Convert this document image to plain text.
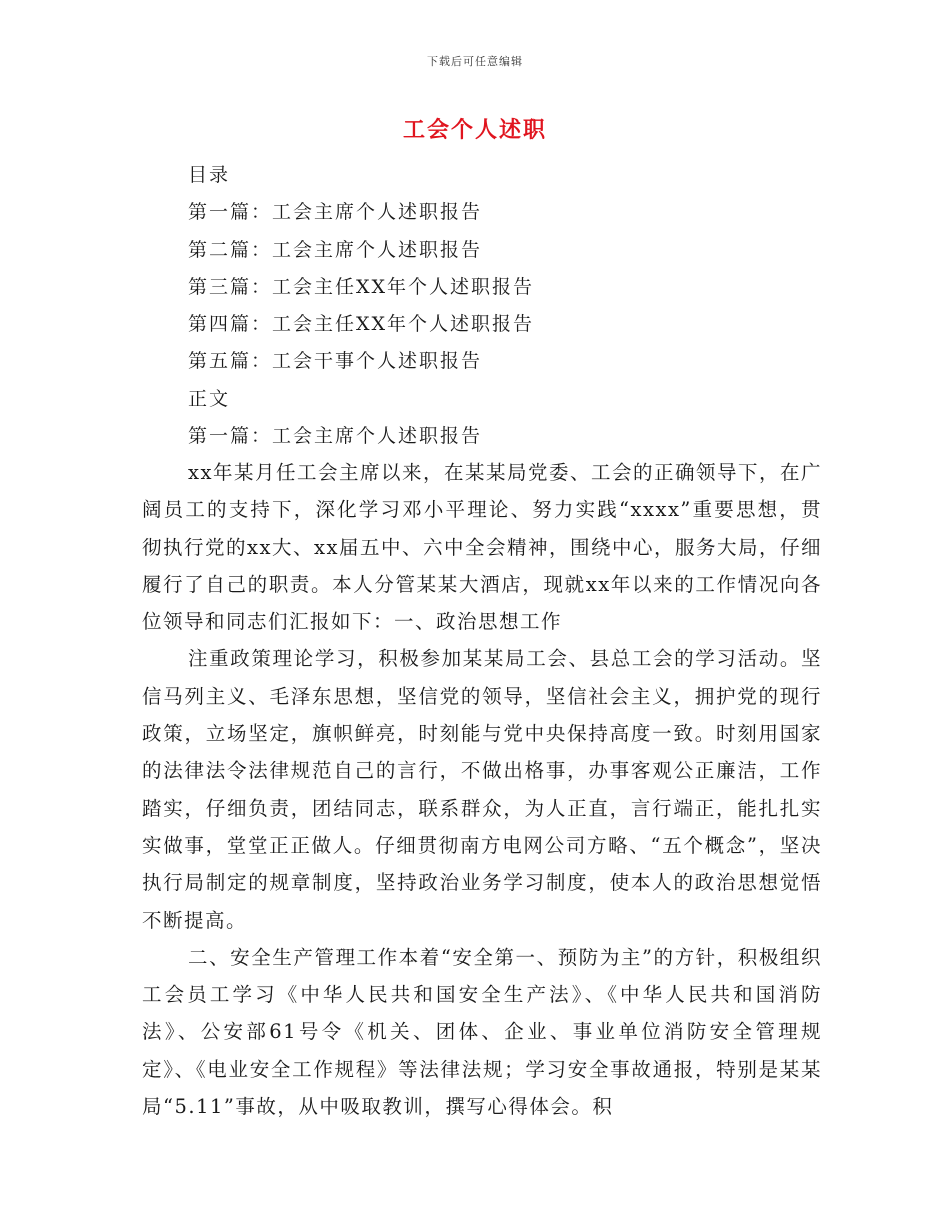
下载后可任意编辑
工会个人述职
目录
第一篇：工会主席个人述职报告
第二篇：工会主席个人述职报告
第三篇：工会主任XX年个人述职报告
第四篇：工会主任XX年个人述职报告
第五篇：工会干事个人述职报告
正文
第一篇：工会主席个人述职报告

xx年某月任工会主席以来，在某某局党委、工会的正确领导下，在广阔员工的支持下，深化学习邓小平理论、努力实践“xxxx”重要思想，贯彻执行党的xx大、xx届五中、六中全会精神，围绕中心，服务大局，仔细履行了自己的职责。本人分管某某大酒店，现就xx年以来的工作情况向各位领导和同志们汇报如下：一、政治思想工作

注重政策理论学习，积极参加某某局工会、县总工会的学习活动。坚信马列主义、毛泽东思想，坚信党的领导，坚信社会主义，拥护党的现行政策，立场坚定，旗帜鲜亮，时刻能与党中央保持高度一致。时刻用国家的法律法令法律规范自己的言行，不做出格事，办事客观公正廉洁，工作踏实，仔细负责，团结同志，联系群众，为人正直，言行端正，能扎扎实实做事，堂堂正正做人。仔细贯彻南方电网公司方略、“五个概念”，坚决执行局制定的规章制度，坚持政治业务学习制度，使本人的政治思想觉悟不断提高。

二、安全生产管理工作本着“安全第一、预防为主”的方针，积极组织工会员工学习《中华人民共和国安全生产法》、《中华人民共和国消防法》、公安部61号令《机关、团体、企业、事业单位消防安全管理规定》、《电业安全工作规程》等法律法规；学习安全事故通报，特别是某某局“5.11”事故，从中吸取教训，撰写心得体会。积
